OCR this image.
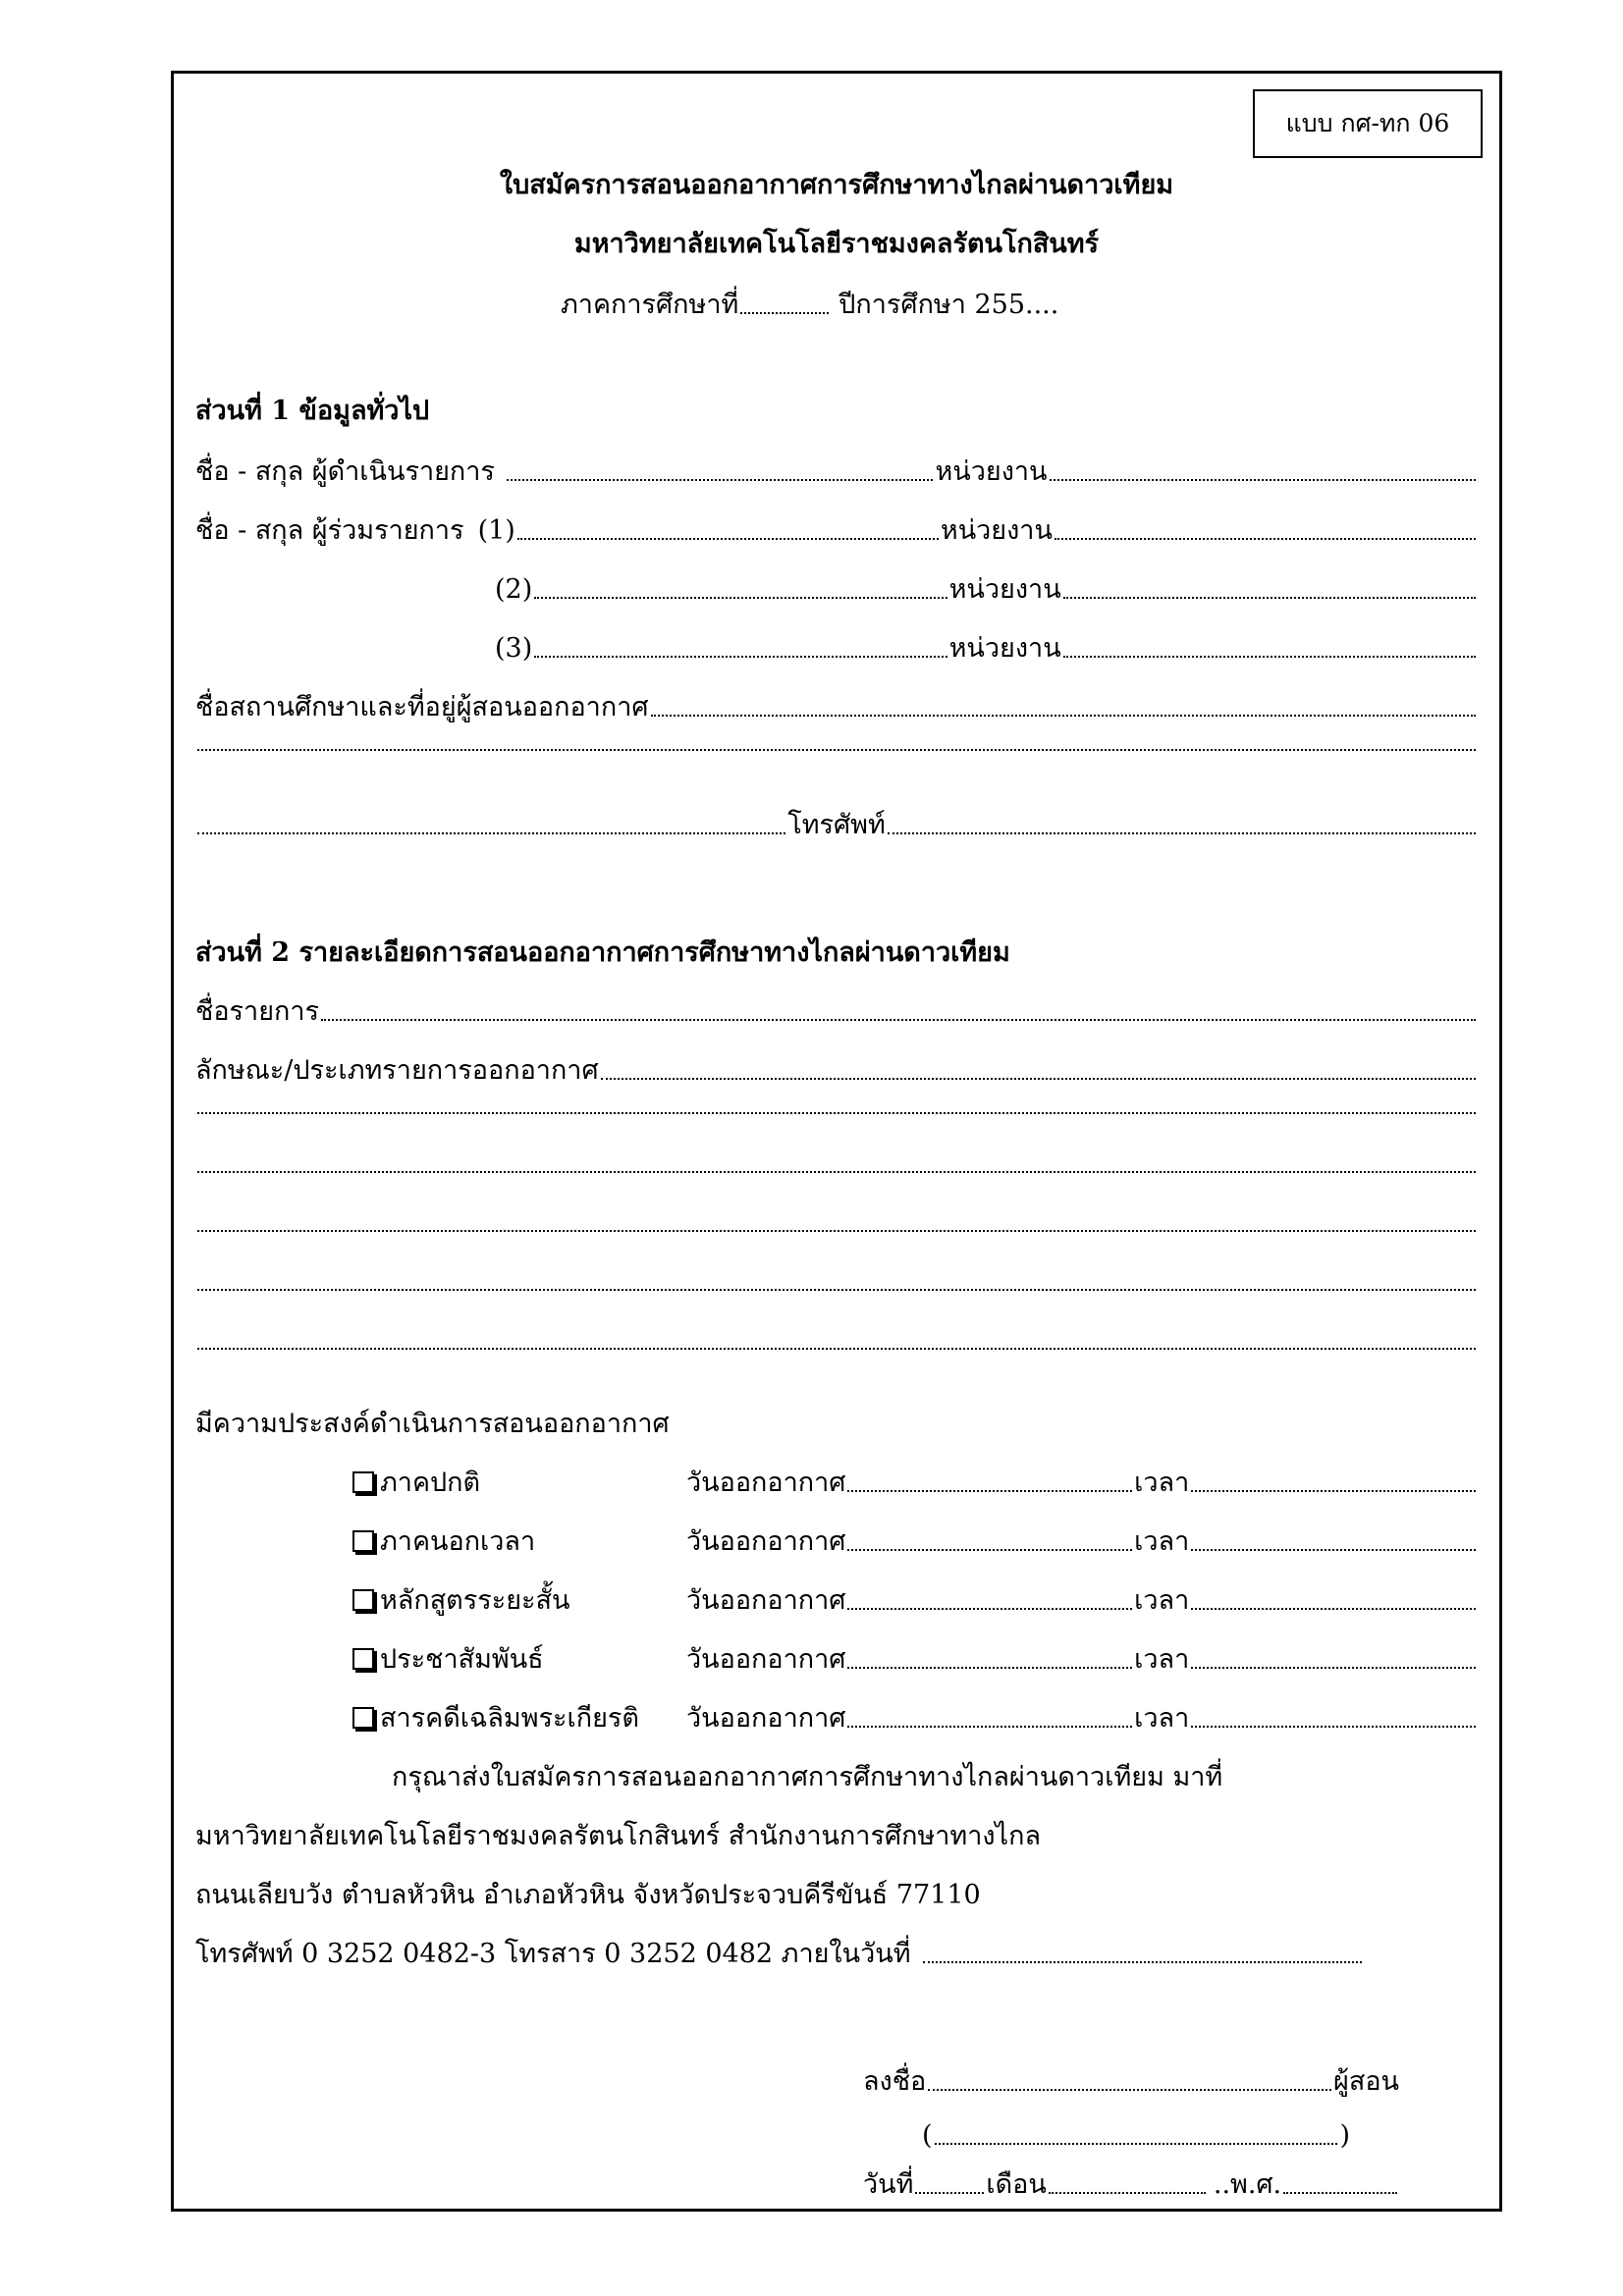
แบบ กศ-ทก 06
ใบสมัครการสอนออกอากาศการศึกษาทางไกลผ่านดาวเทียม
มหาวิทยาลัยเทคโนโลยีราชมงคลรัตนโกสินทร์
ภาคการศึกษาที่	ปีการศึกษา 255....
ส่วนที่ 1 ข้อมูลทั่วไป
ชื่อ - สกุล ผู้ดำเนินรายการ	หน่วยงาน
ชื่อ - สกุล ผู้ร่วมรายการ (1)	หน่วยงาน
(2)	หน่วยงาน
(3)	หน่วยงาน
ชื่อสถานศึกษาและที่อยู่ผู้สอนออกอากาศ
โทรศัพท์
ส่วนที่ 2 รายละเอียดการสอนออกอากาศการศึกษาทางไกลผ่านดาวเทียม
ชื่อรายการ
ลักษณะ/ประเภทรายการออกอากาศ
มีความประสงค์ดำเนินการสอนออกอากาศ
ภาคปกติ	วันออกอากาศ	เวลา
ภาคนอกเวลา	วันออกอากาศ	เวลา
หลักสูตรระยะสั้น	วันออกอากาศ	เวลา
ประชาสัมพันธ์	วันออกอากาศ	เวลา
สารคดีเฉลิมพระเกียรติ	วันออกอากาศ	เวลา
กรุณาส่งใบสมัครการสอนออกอากาศการศึกษาทางไกลผ่านดาวเทียม มาที่
มหาวิทยาลัยเทคโนโลยีราชมงคลรัตนโกสินทร์ สำนักงานการศึกษาทางไกล
ถนนเลียบวัง ตำบลหัวหิน อำเภอหัวหิน จังหวัดประจวบคีรีขันธ์ 77110
โทรศัพท์ 0 3252 0482-3 โทรสาร 0 3252 0482 ภายในวันที่
ลงชื่อ	ผู้สอน
(	)
วันที่	เดือน	..พ.ศ.
